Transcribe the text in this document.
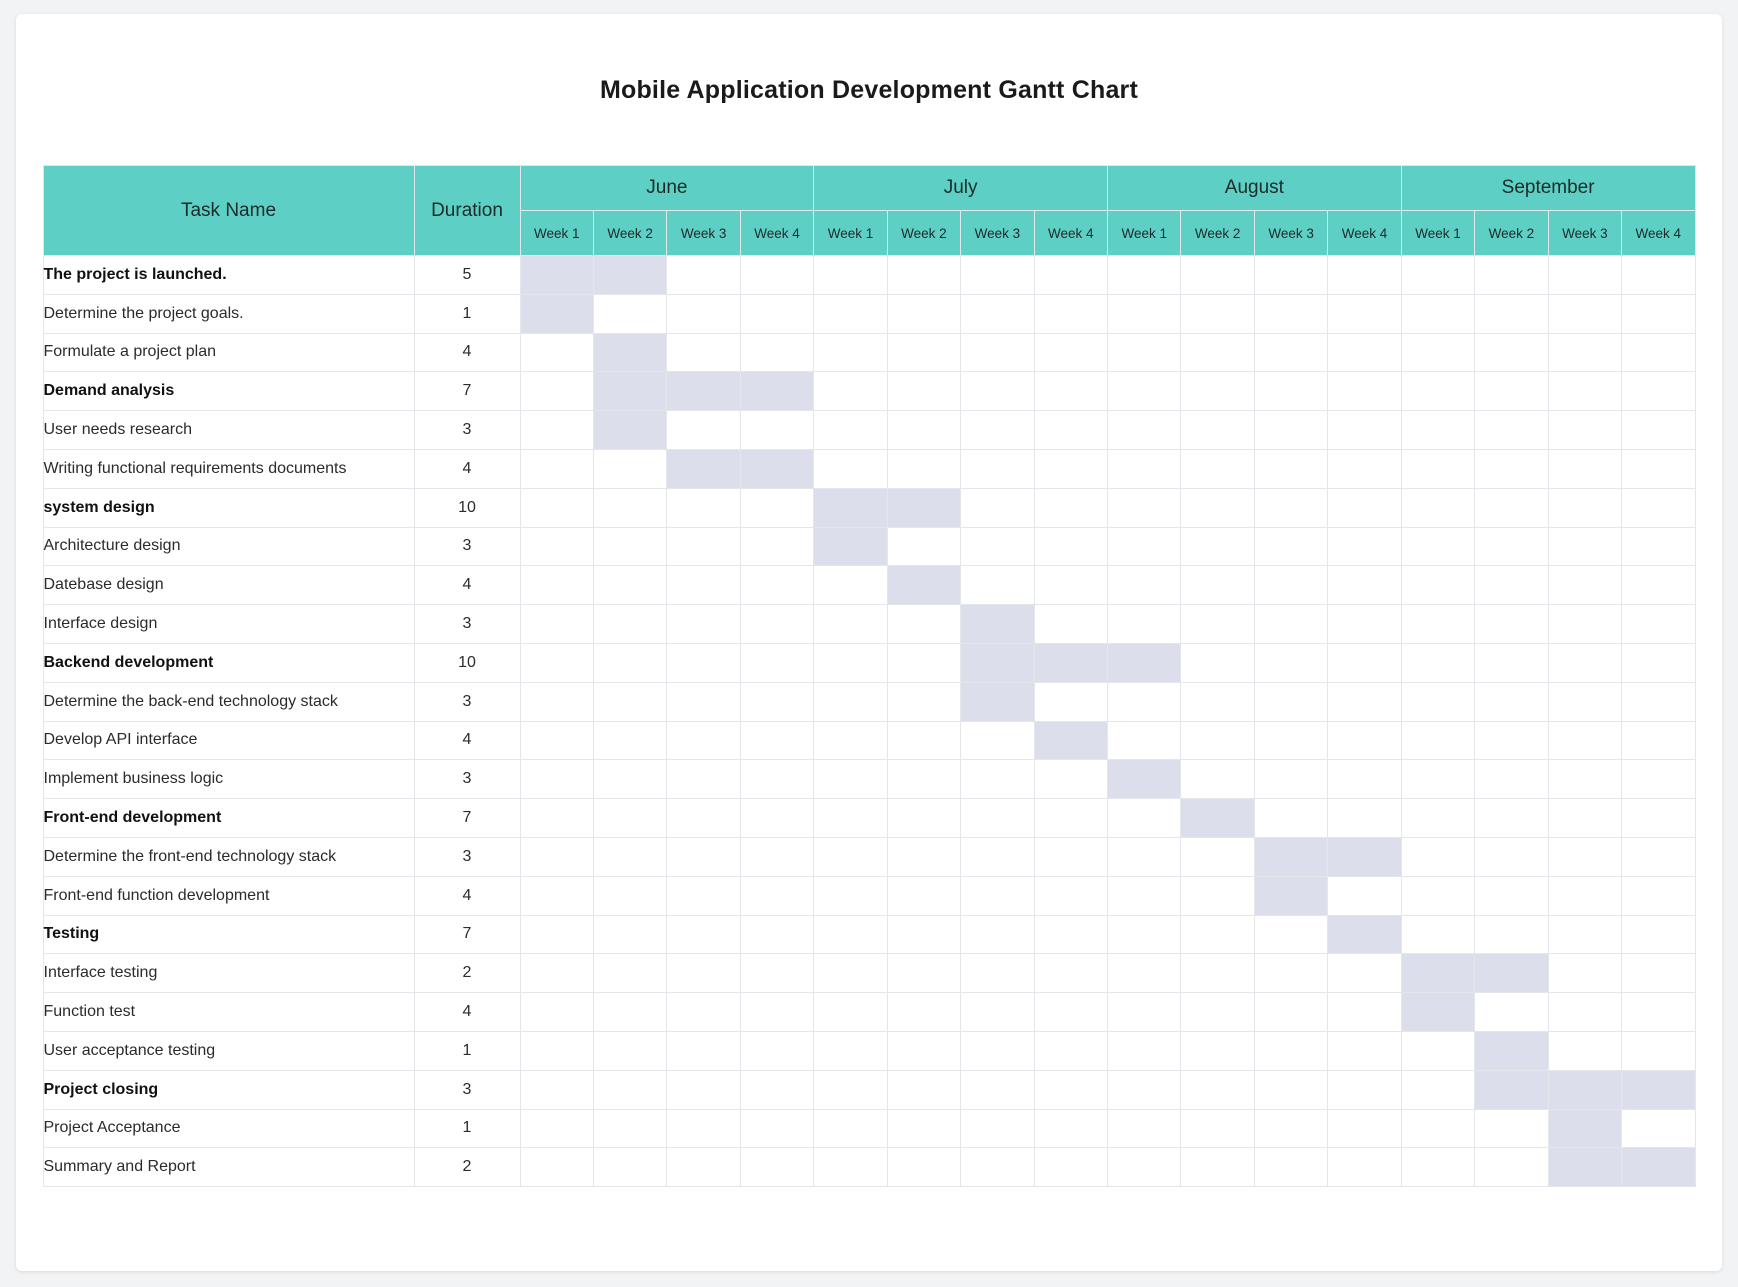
Mobile Application Development Gantt Chart
Task Name	Duration	June				July				August				September			
		Week 1	Week 2	Week 3	Week 4	Week 1	Week 2	Week 3	Week 4	Week 1	Week 2	Week 3	Week 4	Week 1	Week 2	Week 3	Week 4
The project is launched.	5																
Determine the project goals.	1																
Formulate a project plan	4																
Demand analysis	7																
User needs research	3																
Writing functional requirements documents	4																
system design	10																
Architecture design	3																
Datebase design	4																
Interface design	3																
Backend development	10																
Determine the back-end technology stack	3																
Develop API interface	4																
Implement business logic	3																
Front-end development	7																
Determine the front-end technology stack	3																
Front-end function development	4																
Testing	7																
Interface testing	2																
Function test	4																
User acceptance testing	1																
Project closing	3																
Project Acceptance	1																
Summary and Report	2																
